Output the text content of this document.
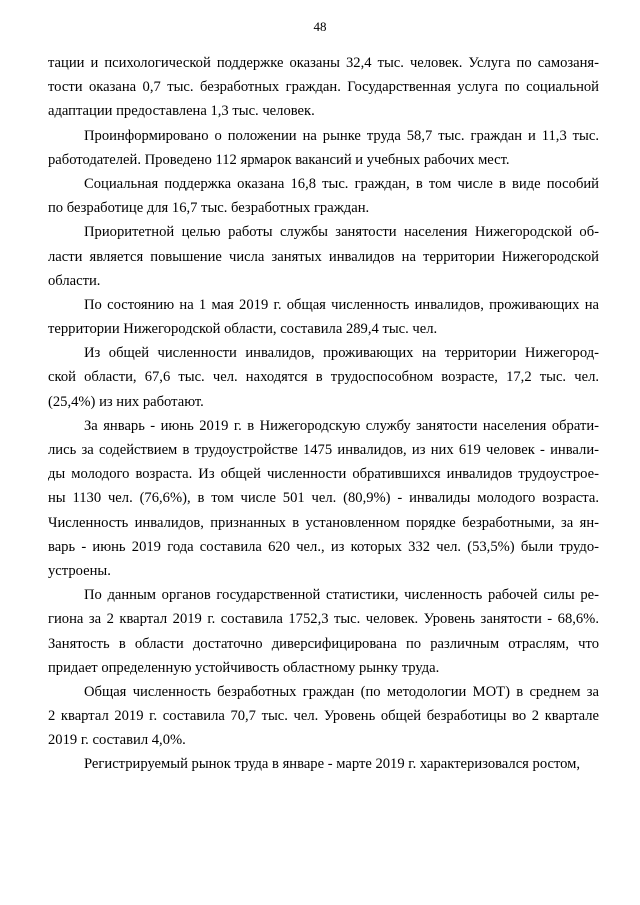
48
тации и психологической поддержке оказаны 32,4 тыс. человек. Услуга по самозаня-
тости оказана 0,7 тыс. безработных граждан. Государственная услуга по социальной
адаптации предоставлена 1,3 тыс. человек.
Проинформировано о положении на рынке труда 58,7 тыс. граждан и 11,3 тыс.
работодателей. Проведено 112 ярмарок вакансий и учебных рабочих мест.
Социальная поддержка оказана 16,8 тыс. граждан, в том числе в виде пособий
по безработице для 16,7 тыс. безработных граждан.
Приоритетной целью работы службы занятости населения Нижегородской об-
ласти является повышение числа занятых инвалидов на территории Нижегородской
области.
По состоянию на 1 мая 2019 г. общая численность инвалидов, проживающих на
территории Нижегородской области, составила 289,4 тыс. чел.
Из общей численности инвалидов, проживающих на территории Нижегород-
ской области, 67,6 тыс. чел. находятся в трудоспособном возрасте, 17,2 тыс. чел.
(25,4%) из них работают.
За январь - июнь 2019 г. в Нижегородскую службу занятости населения обрати-
лись за содействием в трудоустройстве 1475 инвалидов, из них 619 человек - инвали-
ды молодого возраста. Из общей численности обратившихся инвалидов трудоустрое-
ны 1130 чел. (76,6%), в том числе 501 чел. (80,9%) - инвалиды молодого возраста.
Численность инвалидов, признанных в установленном порядке безработными, за ян-
варь - июнь 2019 года составила 620 чел., из которых 332 чел. (53,5%) были трудо-
устроены.
По данным органов государственной статистики, численность рабочей силы ре-
гиона за 2 квартал 2019 г. составила 1752,3 тыс. человек. Уровень занятости - 68,6%.
Занятость в области достаточно диверсифицирована по различным отраслям, что
придает определенную устойчивость областному рынку труда.
Общая численность безработных граждан (по методологии МОТ) в среднем за
2 квартал 2019 г. составила 70,7 тыс. чел. Уровень общей безработицы во 2 квартале
2019 г. составил 4,0%.
Регистрируемый рынок труда в январе - марте 2019 г. характеризовался ростом,
